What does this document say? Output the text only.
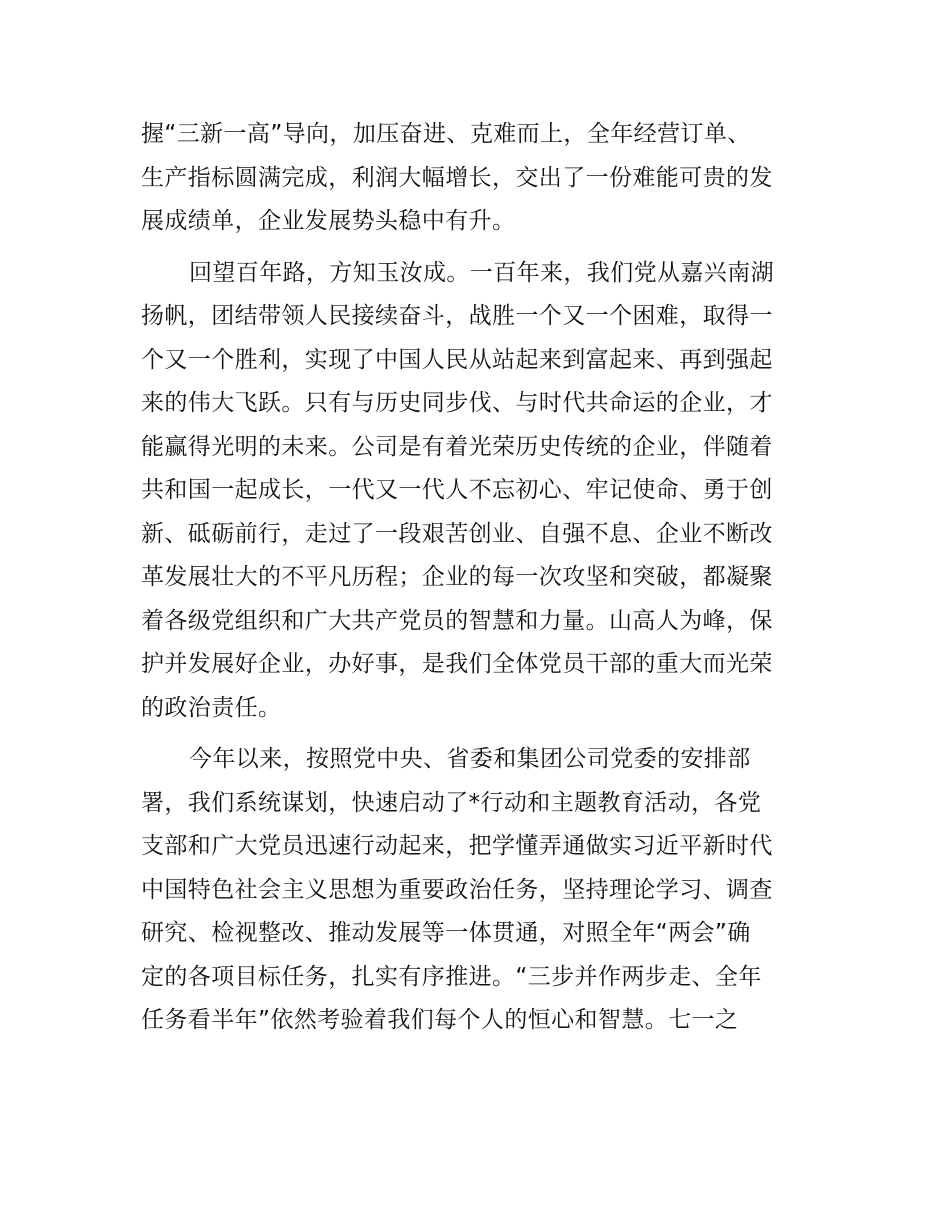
握“三新一高”导向，加压奋进、克难而上，全年经营订单、
生产指标圆满完成，利润大幅增长，交出了一份难能可贵的发
展成绩单，企业发展势头稳中有升。
回望百年路，方知玉汝成。一百年来，我们党从嘉兴南湖
扬帆，团结带领人民接续奋斗，战胜一个又一个困难，取得一
个又一个胜利，实现了中国人民从站起来到富起来、再到强起
来的伟大飞跃。只有与历史同步伐、与时代共命运的企业，才
能赢得光明的未来。公司是有着光荣历史传统的企业，伴随着
共和国一起成长，一代又一代人不忘初心、牢记使命、勇于创
新、砥砺前行，走过了一段艰苦创业、自强不息、企业不断改
革发展壮大的不平凡历程；企业的每一次攻坚和突破，都凝聚
着各级党组织和广大共产党员的智慧和力量。山高人为峰，保
护并发展好企业，办好事，是我们全体党员干部的重大而光荣
的政治责任。
今年以来，按照党中央、省委和集团公司党委的安排部
署，我们系统谋划，快速启动了*行动和主题教育活动，各党
支部和广大党员迅速行动起来，把学懂弄通做实习近平新时代
中国特色社会主义思想为重要政治任务，坚持理论学习、调查
研究、检视整改、推动发展等一体贯通，对照全年“两会”确
定的各项目标任务，扎实有序推进。“三步并作两步走、全年
任务看半年”依然考验着我们每个人的恒心和智慧。七一之
